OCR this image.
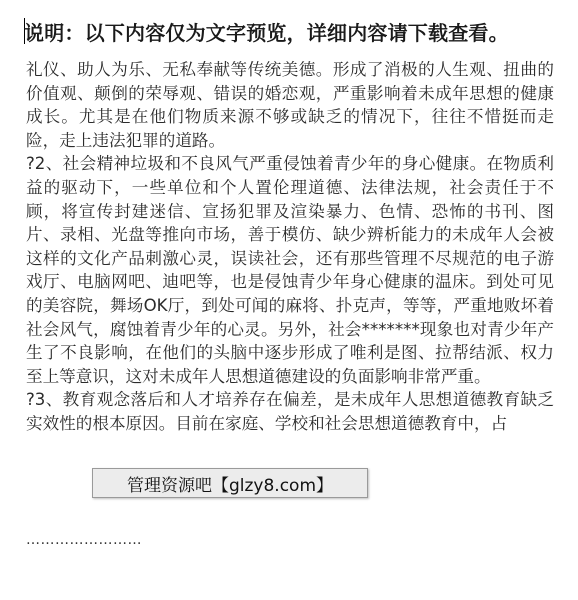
说明：以下内容仅为文字预览，详细内容请下载查看。

礼仪、助人为乐、无私奉献等传统美德。形成了消极的人生观、扭曲的价值观、颠倒的荣辱观、错误的婚恋观，严重影响着未成年思想的健康成长。尤其是在他们物质来源不够或缺乏的情况下，往往不惜挺而走险，走上违法犯罪的道路。

?2、社会精神垃圾和不良风气严重侵蚀着青少年的身心健康。在物质利益的驱动下，一些单位和个人置伦理道德、法律法规，社会责任于不顾，将宣传封建迷信、宣扬犯罪及渲染暴力、色情、恐怖的书刊、图片、录相、光盘等推向市场，善于模仿、缺少辨析能力的未成年人会被这样的文化产品刺激心灵，误读社会，还有那些管理不尽规范的电子游戏厅、电脑网吧、迪吧等，也是侵蚀青少年身心健康的温床。到处可见的美容院，舞场OK厅，到处可闻的麻将、扑克声，等等，严重地败坏着社会风气，腐蚀着青少年的心灵。另外，社会*******现象也对青少年产生了不良影响，在他们的头脑中逐步形成了唯利是图、拉帮结派、权力至上等意识，这对未成年人思想道德建设的负面影响非常严重。

?3、教育观念落后和人才培养存在偏差，是未成年人思想道德教育缺乏实效性的根本原因。目前在家庭、学校和社会思想道德教育中，占

管理资源吧【glzy8.com】
……………………
